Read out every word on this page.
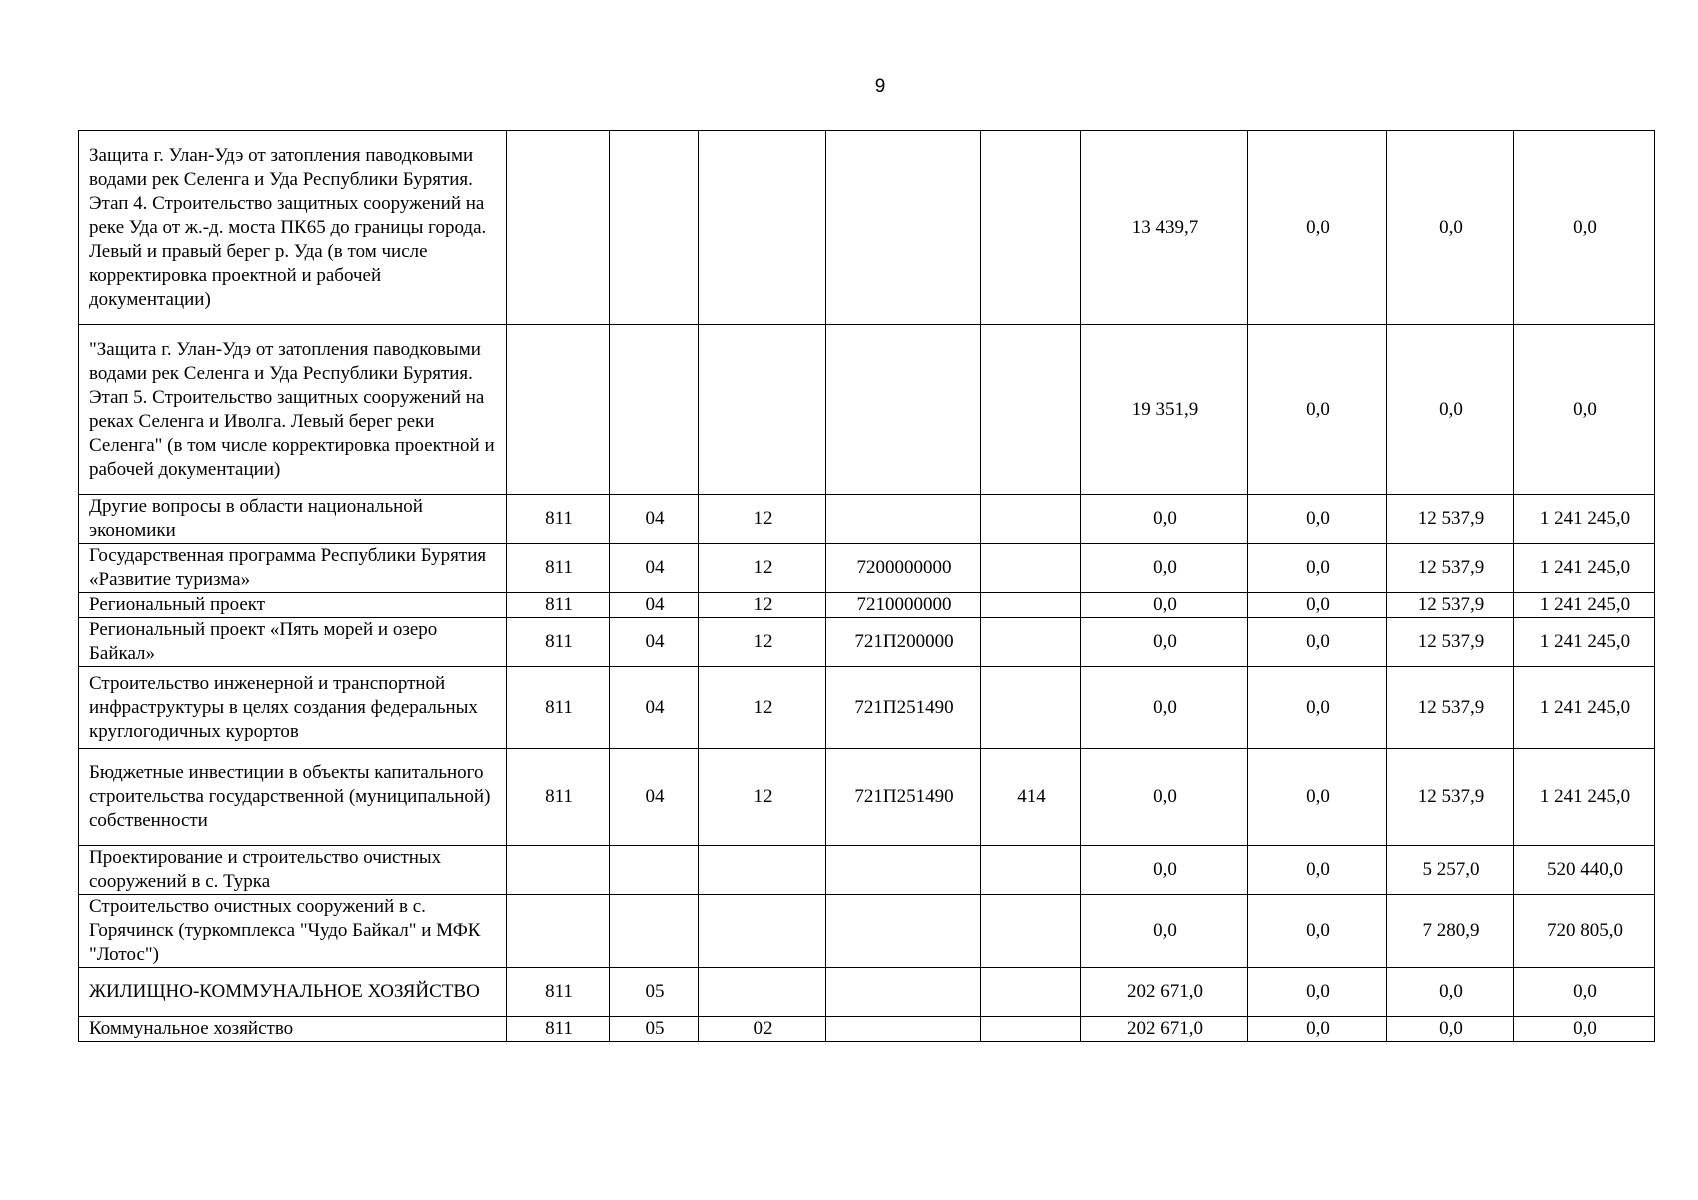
9
Защита г. Улан-Удэ от затопления паводковыми водами рек Селенга и Уда Республики Бурятия. Этап 4. Строительство защитных сооружений на реке Уда от ж.-д. моста ПК65 до границы города. Левый и правый берег р. Уда (в том числе корректировка проектной и рабочей документации)						13 439,7	0,0	0,0	0,0
"Защита г. Улан-Удэ от затопления паводковыми водами рек Селенга и Уда Республики Бурятия. Этап 5. Строительство защитных сооружений на реках Селенга и Иволга. Левый берег реки Селенга" (в том числе корректировка проектной и рабочей документации)						19 351,9	0,0	0,0	0,0
Другие вопросы в области национальной экономики	811	04	12			0,0	0,0	12 537,9	1 241 245,0
Государственная программа Республики Бурятия «Развитие туризма»	811	04	12	7200000000		0,0	0,0	12 537,9	1 241 245,0
Региональный проект	811	04	12	7210000000		0,0	0,0	12 537,9	1 241 245,0
Региональный проект «Пять морей и озеро Байкал»	811	04	12	721П200000		0,0	0,0	12 537,9	1 241 245,0
Строительство инженерной и транспортной инфраструктуры в целях создания федеральных круглогодичных курортов	811	04	12	721П251490		0,0	0,0	12 537,9	1 241 245,0
Бюджетные инвестиции в объекты капитального строительства государственной (муниципальной) собственности	811	04	12	721П251490	414	0,0	0,0	12 537,9	1 241 245,0
Проектирование и строительство очистных сооружений в с. Турка						0,0	0,0	5 257,0	520 440,0
Строительство очистных сооружений в с. Горячинск (туркомплекса "Чудо Байкал" и МФК "Лотос")						0,0	0,0	7 280,9	720 805,0
ЖИЛИЩНО-КОММУНАЛЬНОЕ ХОЗЯЙСТВО	811	05				202 671,0	0,0	0,0	0,0
Коммунальное хозяйство	811	05	02			202 671,0	0,0	0,0	0,0
